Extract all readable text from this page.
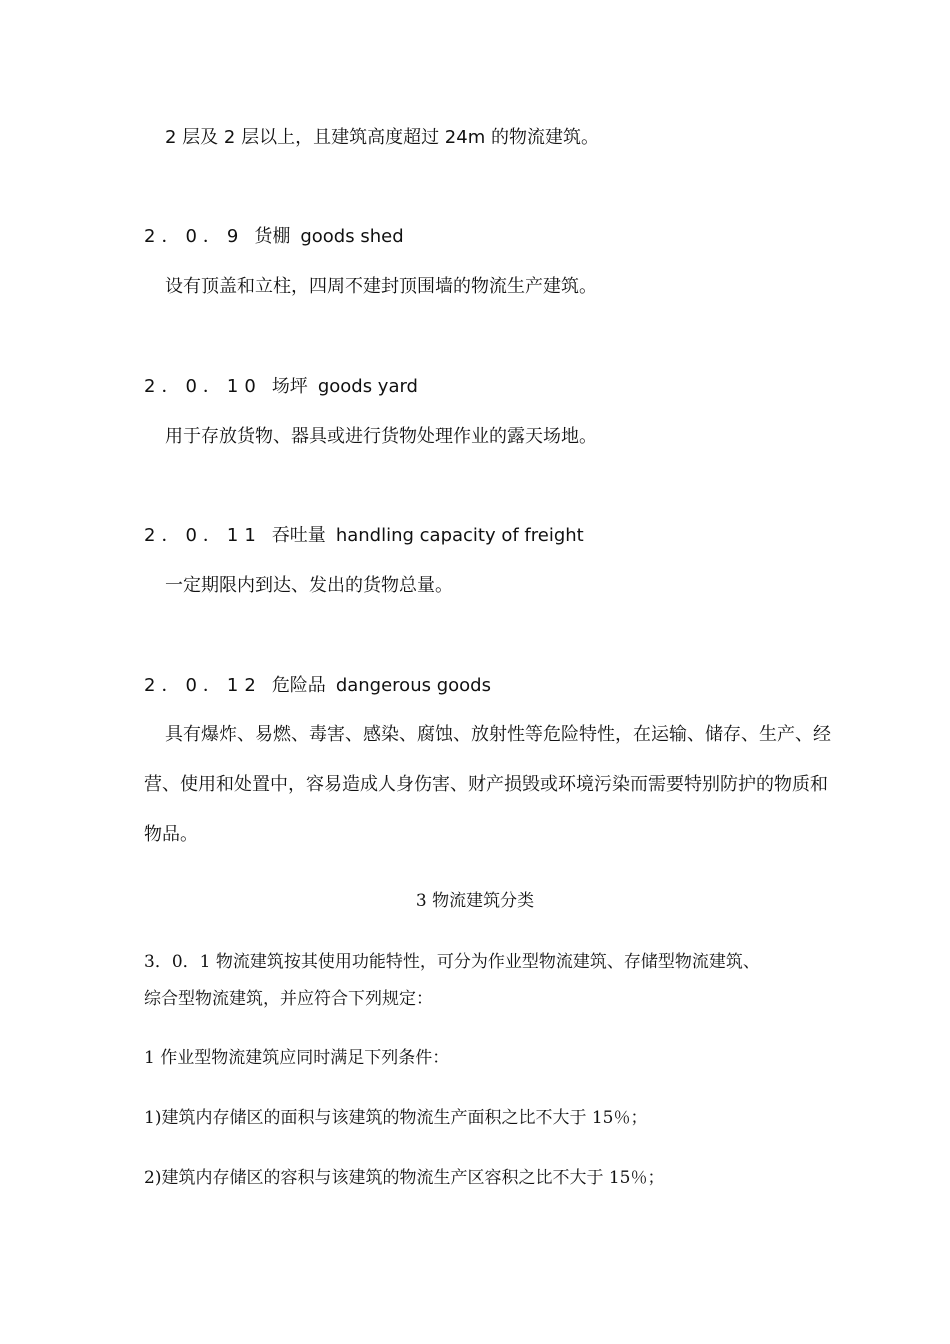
2 层及 2 层以上，且建筑高度超过 24m 的物流建筑。
2．0．9 货棚 goods shed
设有顶盖和立柱，四周不建封顶围墙的物流生产建筑。
2．0．10 场坪 goods yard
用于存放货物、器具或进行货物处理作业的露天场地。
2．0．11 吞吐量 handling capacity of freight
一定期限内到达、发出的货物总量。
2．0．12 危险品 dangerous goods
具有爆炸、易燃、毒害、感染、腐蚀、放射性等危险特性，在运输、储存、生产、经
营、使用和处置中，容易造成人身伤害、财产损毁或环境污染而需要特别防护的物质和
物品。
3 物流建筑分类
3．0．1 物流建筑按其使用功能特性，可分为作业型物流建筑、存储型物流建筑、
综合型物流建筑，并应符合下列规定：
1 作业型物流建筑应同时满足下列条件：
1)建筑内存储区的面积与该建筑的物流生产面积之比不大于 15％；
2)建筑内存储区的容积与该建筑的物流生产区容积之比不大于 15％；
